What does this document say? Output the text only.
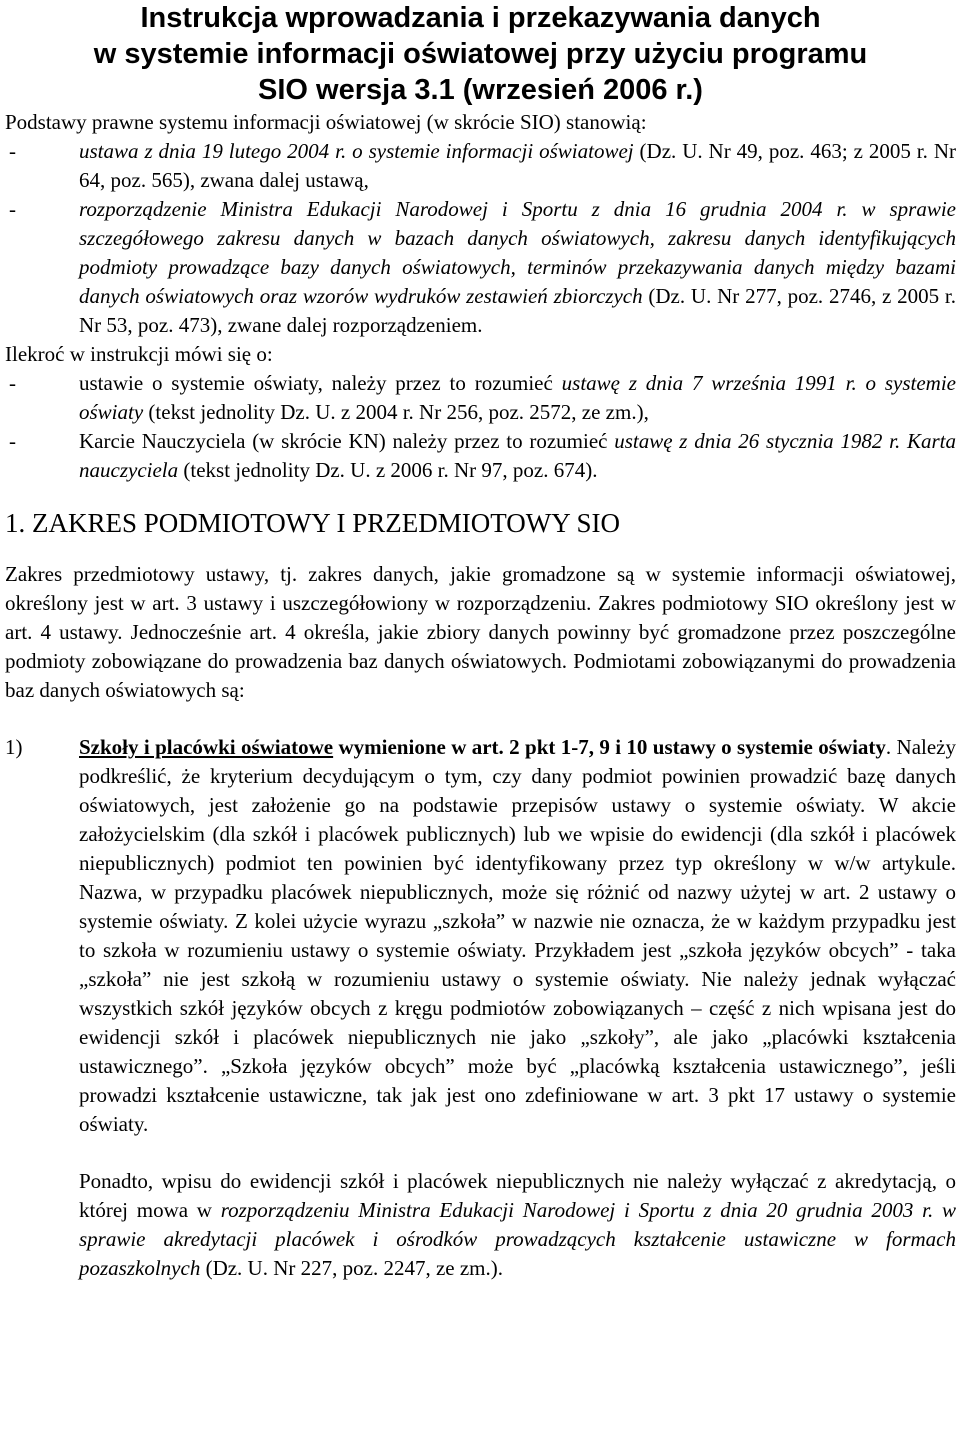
Instrukcja wprowadzania i przekazywania danych
w systemie informacji oświatowej przy użyciu programu
SIO wersja 3.1 (wrzesień 2006 r.)

Podstawy prawne systemu informacji oświatowej (w skrócie SIO) stanowią:

- ustawa z dnia 19 lutego 2004 r. o systemie informacji oświatowej (Dz. U. Nr 49, poz. 463; z 2005 r. Nr 64, poz. 565), zwana dalej ustawą,
- rozporządzenie Ministra Edukacji Narodowej i Sportu z dnia 16 grudnia 2004 r. w sprawie szczegółowego zakresu danych w bazach danych oświatowych, zakresu danych identyfikujących podmioty prowadzące bazy danych oświatowych, terminów przekazywania danych między bazami danych oświatowych oraz wzorów wydruków zestawień zbiorczych (Dz. U. Nr 277, poz. 2746, z 2005 r. Nr 53, poz. 473), zwane dalej rozporządzeniem.

Ilekroć w instrukcji mówi się o:

- ustawie o systemie oświaty, należy przez to rozumieć ustawę z dnia 7 września 1991 r. o systemie oświaty (tekst jednolity Dz. U. z 2004 r. Nr 256, poz. 2572, ze zm.),
- Karcie Nauczyciela (w skrócie KN) należy przez to rozumieć ustawę z dnia 26 stycznia 1982 r. Karta nauczyciela (tekst jednolity Dz. U. z 2006 r. Nr 97, poz. 674).
1. ZAKRES PODMIOTOWY I PRZEDMIOTOWY SIO

Zakres przedmiotowy ustawy, tj. zakres danych, jakie gromadzone są w systemie informacji oświatowej, określony jest w art. 3 ustawy i uszczegółowiony w rozporządzeniu. Zakres podmiotowy SIO określony jest w art. 4 ustawy. Jednocześnie art. 4 określa, jakie zbiory danych powinny być gromadzone przez poszczególne podmioty zobowiązane do prowadzenia baz danych oświatowych. Podmiotami zobowiązanymi do prowadzenia baz danych oświatowych są:

1)	Szkoły i placówki oświatowe wymienione w art. 2 pkt 1-7, 9 i 10 ustawy o systemie oświaty. Należy podkreślić, że kryterium decydującym o tym, czy dany podmiot powinien prowadzić bazę danych oświatowych, jest założenie go na podstawie przepisów ustawy o systemie oświaty. W akcie założycielskim (dla szkół i placówek publicznych) lub we wpisie do ewidencji (dla szkół i placówek niepublicznych) podmiot ten powinien być identyfikowany przez typ określony w w/w artykule. Nazwa, w przypadku placówek niepublicznych, może się różnić od nazwy użytej w art. 2 ustawy o systemie oświaty. Z kolei użycie wyrazu „szkoła” w nazwie nie oznacza, że w każdym przypadku jest to szkoła w rozumieniu ustawy o systemie oświaty. Przykładem jest „szkoła języków obcych” - taka „szkoła” nie jest szkołą w rozumieniu ustawy o systemie oświaty. Nie należy jednak wyłączać wszystkich szkół języków obcych z kręgu podmiotów zobowiązanych – część z nich wpisana jest do ewidencji szkół i placówek niepublicznych nie jako „szkoły”, ale jako „placówki kształcenia ustawicznego”. „Szkoła języków obcych” może być „placówką kształcenia ustawicznego”, jeśli prowadzi kształcenie ustawiczne, tak jak jest ono zdefiniowane w art. 3 pkt 17 ustawy o systemie oświaty.

Ponadto, wpisu do ewidencji szkół i placówek niepublicznych nie należy wyłączać z akredytacją, o której mowa w rozporządzeniu Ministra Edukacji Narodowej i Sportu z dnia 20 grudnia 2003 r. w sprawie akredytacji placówek i ośrodków prowadzących kształcenie ustawiczne w formach pozaszkolnych (Dz. U. Nr 227, poz. 2247, ze zm.).
